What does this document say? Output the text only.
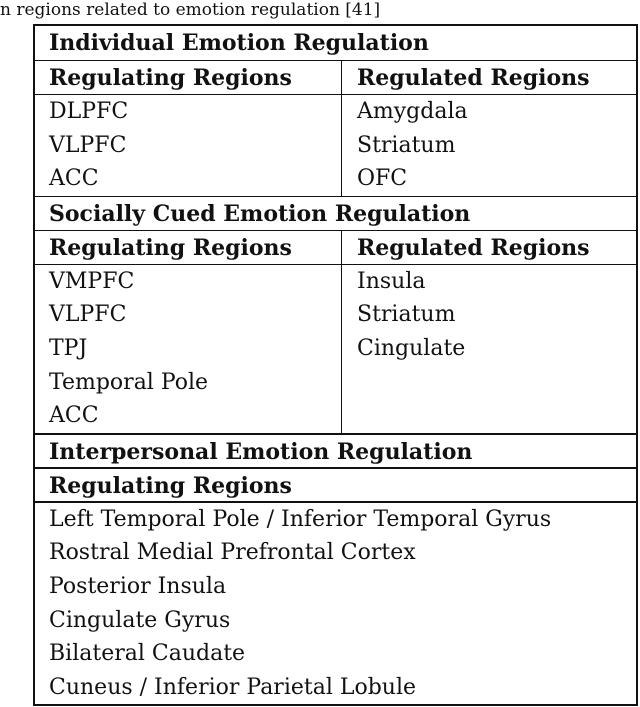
n regions related to emotion regulation [41]
Individual Emotion Regulation
Regulating Regions	Regulated Regions
DLPFC
VLPFC
ACC
Amygdala
Striatum
OFC
Socially Cued Emotion Regulation
Regulating Regions	Regulated Regions
VMPFC
VLPFC
TPJ
Temporal Pole
ACC
Insula
Striatum
Cingulate
Interpersonal Emotion Regulation
Regulating Regions
Left Temporal Pole / Inferior Temporal Gyrus
Rostral Medial Prefrontal Cortex
Posterior Insula
Cingulate Gyrus
Bilateral Caudate
Cuneus / Inferior Parietal Lobule
